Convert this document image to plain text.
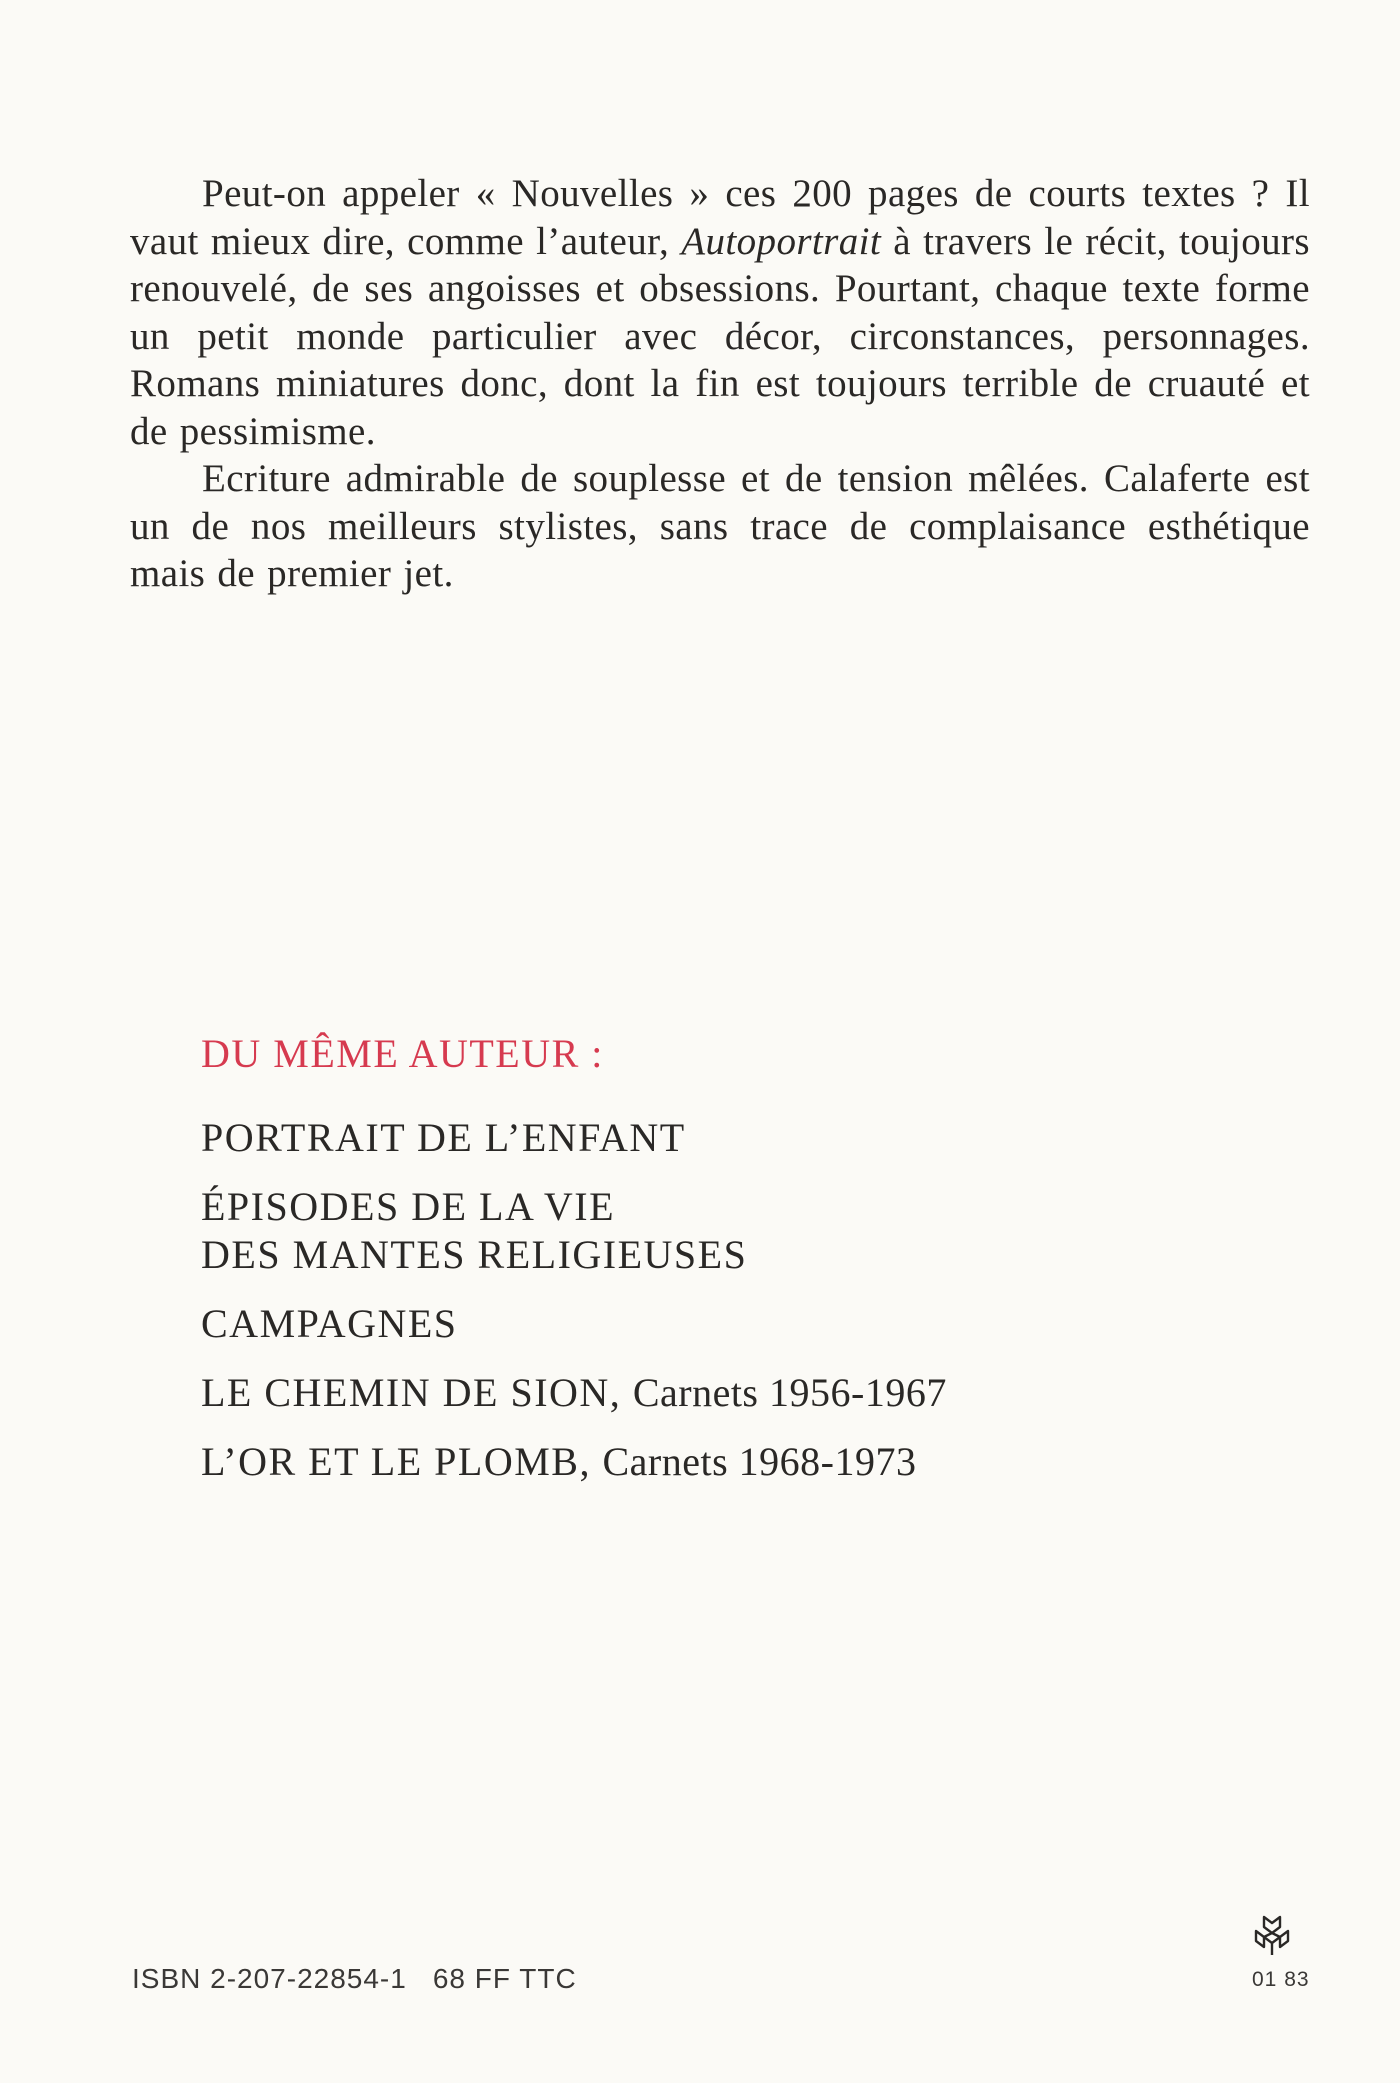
Peut-on appeler « Nouvelles » ces 200 pages de courts textes ? Il vaut mieux dire, comme l’auteur, Autoportrait à travers le récit, toujours renouvelé, de ses angoisses et obsessions. Pourtant, chaque texte forme un petit monde particulier avec décor, circonstances, personnages. Romans miniatures donc, dont la fin est toujours terrible de cruauté et de pessimisme.

Ecriture admirable de souplesse et de tension mêlées. Calaferte est un de nos meilleurs stylistes, sans trace de complaisance esthétique mais de premier jet.

DU MÊME AUTEUR :
PORTRAIT DE L’ENFANT
ÉPISODES DE LA VIE
DES MANTES RELIGIEUSES
CAMPAGNES
LE CHEMIN DE SION, Carnets 1956-1967
L’OR ET LE PLOMB, Carnets 1968-1973
ISBN 2-207-22854-1 68 FF TTC	01 83
